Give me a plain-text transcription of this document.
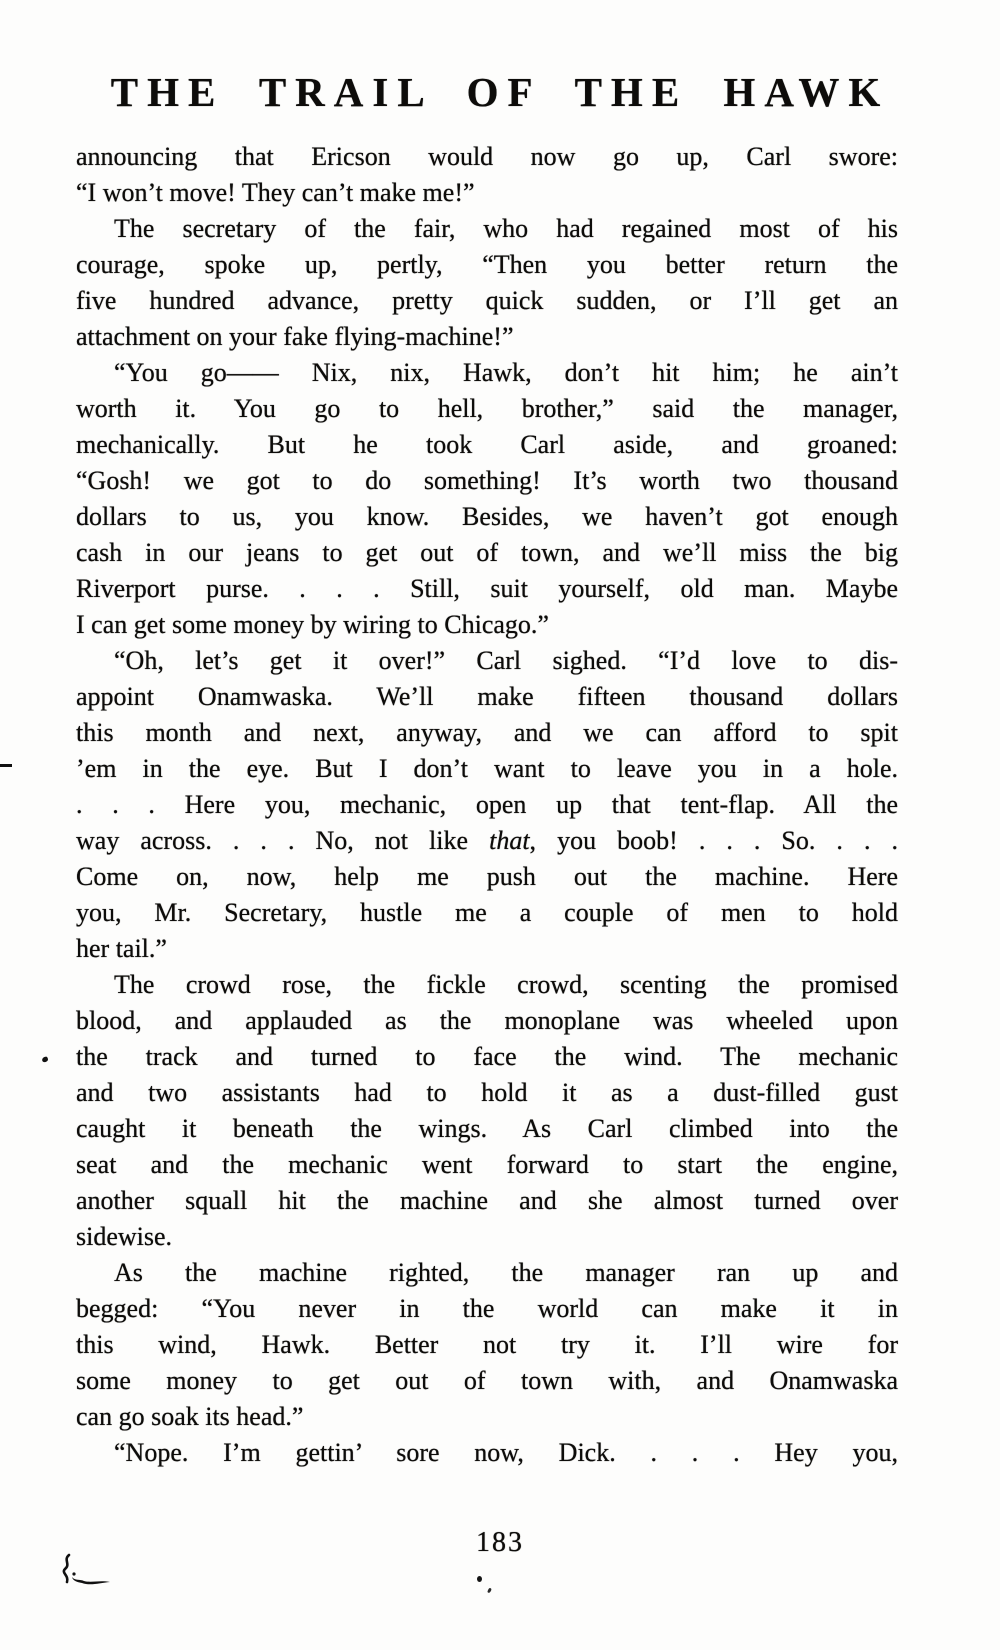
THE TRAIL OF THE HAWK
announcing that Ericson would now go up, Carl swore:
“I won’t move! They can’t make me!”
The secretary of the fair, who had regained most of his
courage, spoke up, pertly, “Then you better return the
five hundred advance, pretty quick sudden, or I’ll get an
attachment on your fake flying-machine!”
“You go—— Nix, nix, Hawk, don’t hit him; he ain’t
worth it. You go to hell, brother,” said the manager,
mechanically. But he took Carl aside, and groaned:
“Gosh! we got to do something! It’s worth two thousand
dollars to us, you know. Besides, we haven’t got enough
cash in our jeans to get out of town, and we’ll miss the big
Riverport purse. . . . Still, suit yourself, old man. Maybe
I can get some money by wiring to Chicago.”
“Oh, let’s get it over!” Carl sighed. “I’d love to dis-
appoint Onamwaska. We’ll make fifteen thousand dollars
this month and next, anyway, and we can afford to spit
’em in the eye. But I don’t want to leave you in a hole.
. . . Here you, mechanic, open up that tent-flap. All the
way across. . . . No, not like that, you boob! . . . So. . . .
Come on, now, help me push out the machine. Here
you, Mr. Secretary, hustle me a couple of men to hold
her tail.”
The crowd rose, the fickle crowd, scenting the promised
blood, and applauded as the monoplane was wheeled upon
the track and turned to face the wind. The mechanic
and two assistants had to hold it as a dust-filled gust
caught it beneath the wings. As Carl climbed into the
seat and the mechanic went forward to start the engine,
another squall hit the machine and she almost turned over
sidewise.
As the machine righted, the manager ran up and
begged: “You never in the world can make it in
this wind, Hawk. Better not try it. I’ll wire for
some money to get out of town with, and Onamwaska
can go soak its head.”
“Nope. I’m gettin’ sore now, Dick. . . . Hey you,
183
